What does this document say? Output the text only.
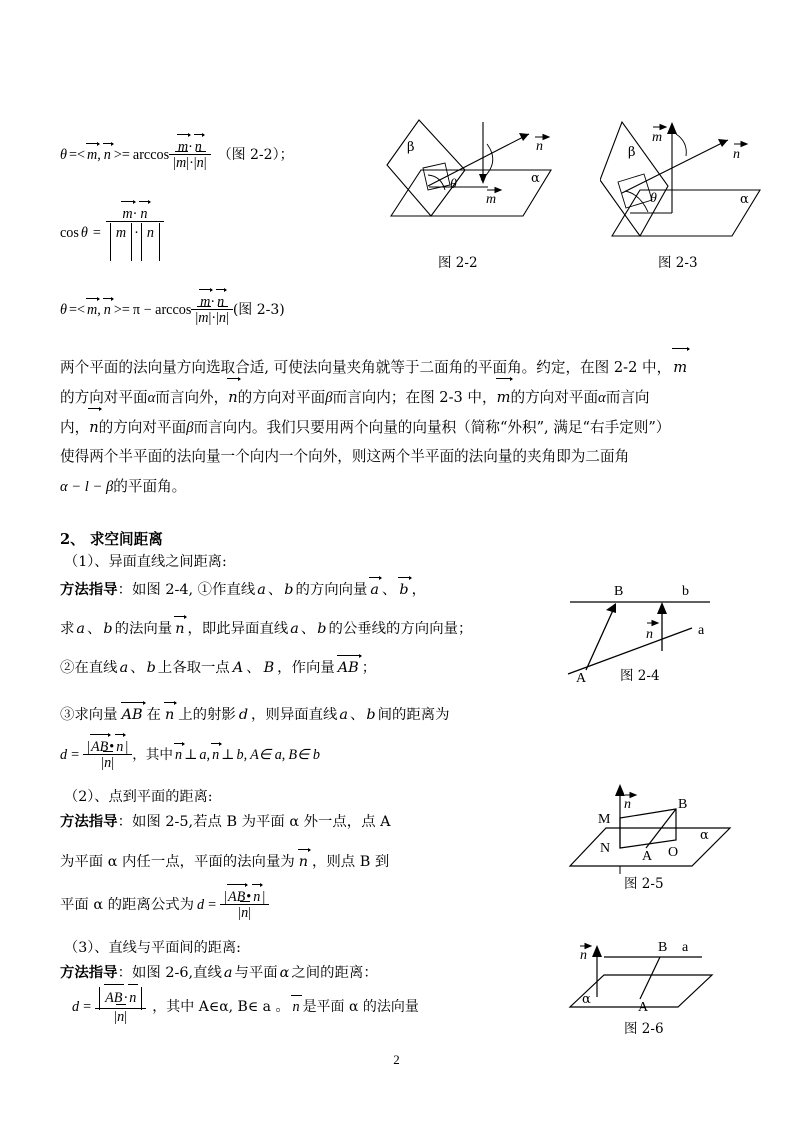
θ =< m, $n >= \arccos \frac{m\cdot n}{|m|\cdot|n|}$ （图 2-2）；
$\cos \theta = \frac{m\cdot n}{m \cdot n}$
θ =< m, $n >= \pi - \arccos \frac{m\cdot n}{|m|\cdot|n|}$ (图 2-3)
β
α
θ
m
n
图 2-2
β
α
θ
m
n
图 2-3
两个平面的法向量方向选取合适, 可使法向量夹角就等于二面角的平面角。约定，在图 2-2 中， m
的方向对平面α而言向外，n的方向对平面β而言向内；在图 2-3 中，m的方向对平面α而言向
内，n的方向对平面β而言向内。我们只要用两个向量的向量积（简称“外积”, 满足“右手定则”）
使得两个半平面的法向量一个向内一个向外，则这两个半平面的法向量的夹角即为二面角
α − l − β的平面角。
2、 求空间距离
（1）、异面直线之间距离:
方法指导：如图 2-4, ①作直线 a 、 b 的方向向量 a 、 b ，
求 a 、 b 的法向量 n ，即此异面直线 a 、 b 的公垂线的方向向量；
②在直线 a 、 b 上各取一点 A 、 B ，作向量 AB ；
③求向量 AB 在 n 上的射影 d ，则异面直线 a 、 b 间的距离为
$d = \frac{|AB• n |}{|n|}$ ，其中 n ⊥ a, n ⊥ b, A∈ a, B∈ b
（2）、点到平面的距离:
方法指导：如图 2-5,若点 B 为平面 α 外一点，点 A
为平面 α 内任一点，平面的法向量为 n ，则点 B 到
平面 α 的距离公式为 $d = \frac{|AB• n |}{|n|}$
（3）、直线与平面间的距离:
方法指导：如图 2-6,直线 a 与平面 α 之间的距离：
$d = \frac{AB\cdot n}{|n|}$ ，其中 A∈α, B∈ a 。 n 是平面 α 的法向量
B	b
a
A
n
图 2-4
M
N
B
A O
α
n
图 2-5
B a
A
α
n
图 2-6
2
